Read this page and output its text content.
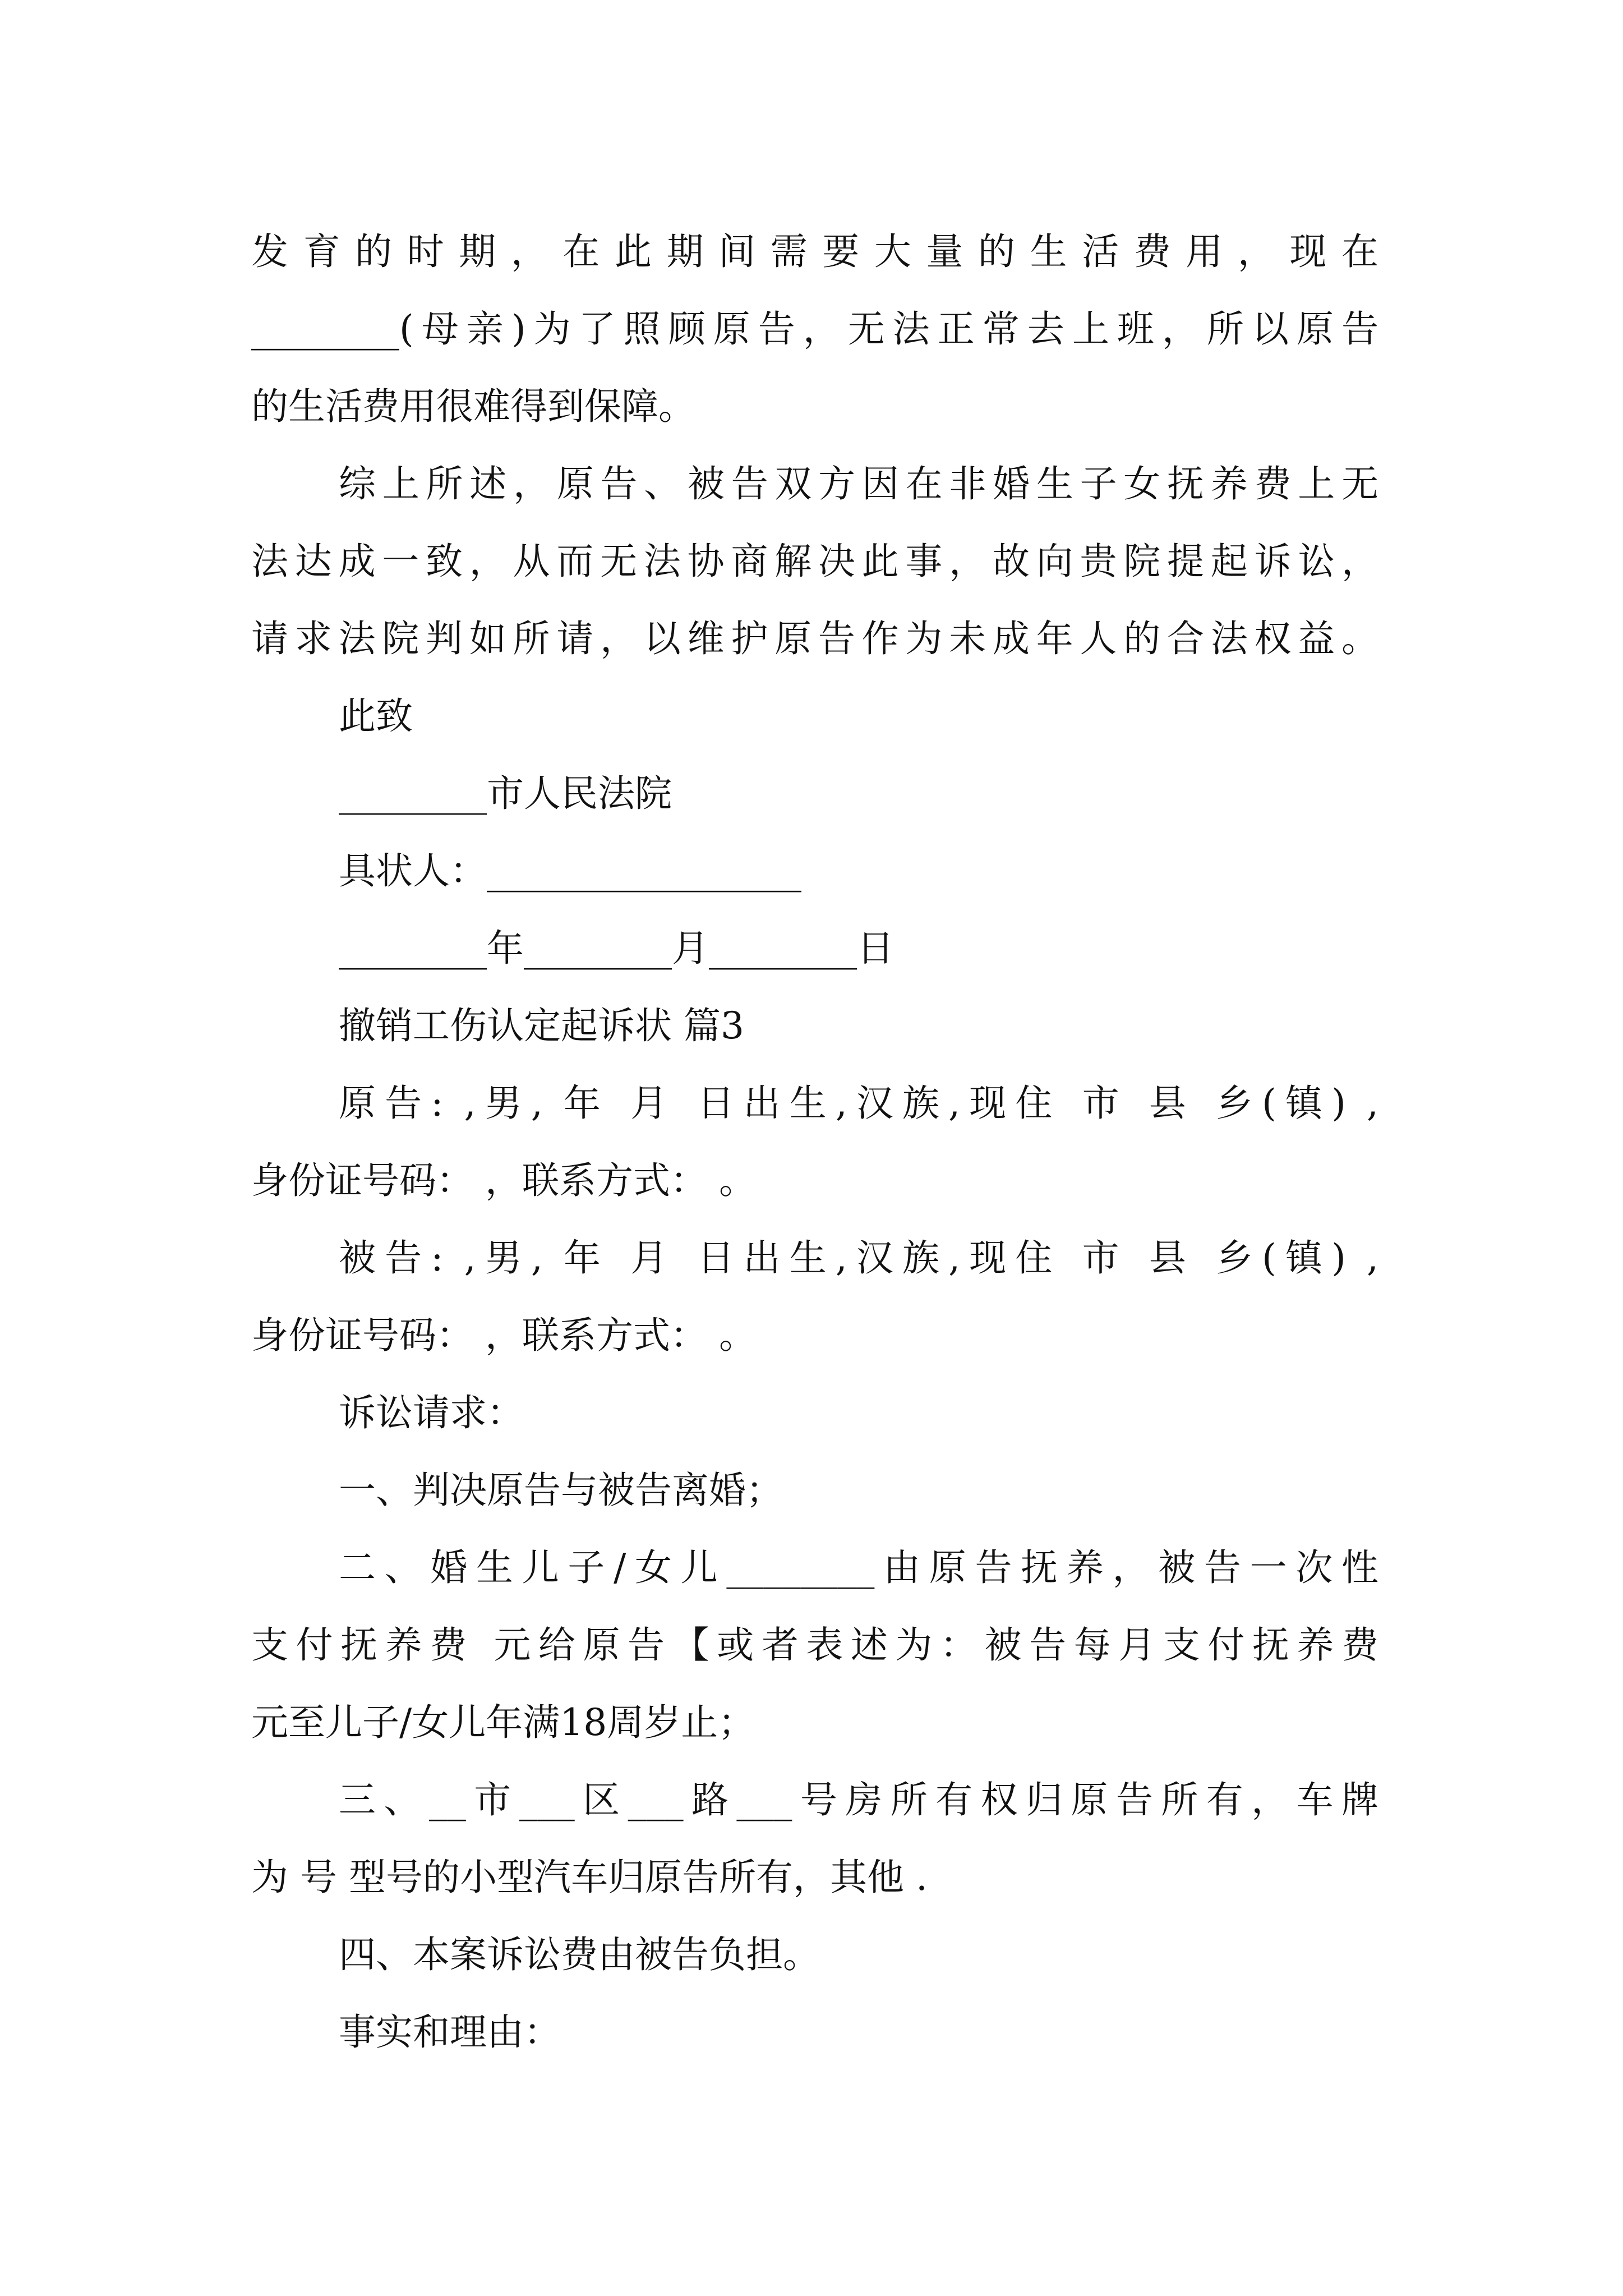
发育的时期，在此期间需要大量的生活费用，现在

________(母亲)为了照顾原告，无法正常去上班，所以原告

的生活费用很难得到保障。

综上所述，原告、被告双方因在非婚生子女抚养费上无

法达成一致，从而无法协商解决此事，故向贵院提起诉讼，

请求法院判如所请，以维护原告作为未成年人的合法权益。

此致

________市人民法院

具状人：_________________

________年________月________日

撤销工伤认定起诉状 篇3

原告: ,男, 年 月 日出生,汉族,现住 市 县 乡(镇) ,

身份证号码： ，联系方式： 。

被告: ,男, 年 月 日出生,汉族,现住 市 县 乡(镇) ,

身份证号码： ，联系方式： 。

诉讼请求：

一、判决原告与被告离婚；

二、婚生儿子/女儿________由原告抚养，被告一次性

支付抚养费 元给原告【或者表述为：被告每月支付抚养费

元至儿子/女儿年满18周岁止；

三、__市___区___路___号房所有权归原告所有，车牌

为 号 型号的小型汽车归原告所有，其他 .

四、本案诉讼费由被告负担。

事实和理由：
